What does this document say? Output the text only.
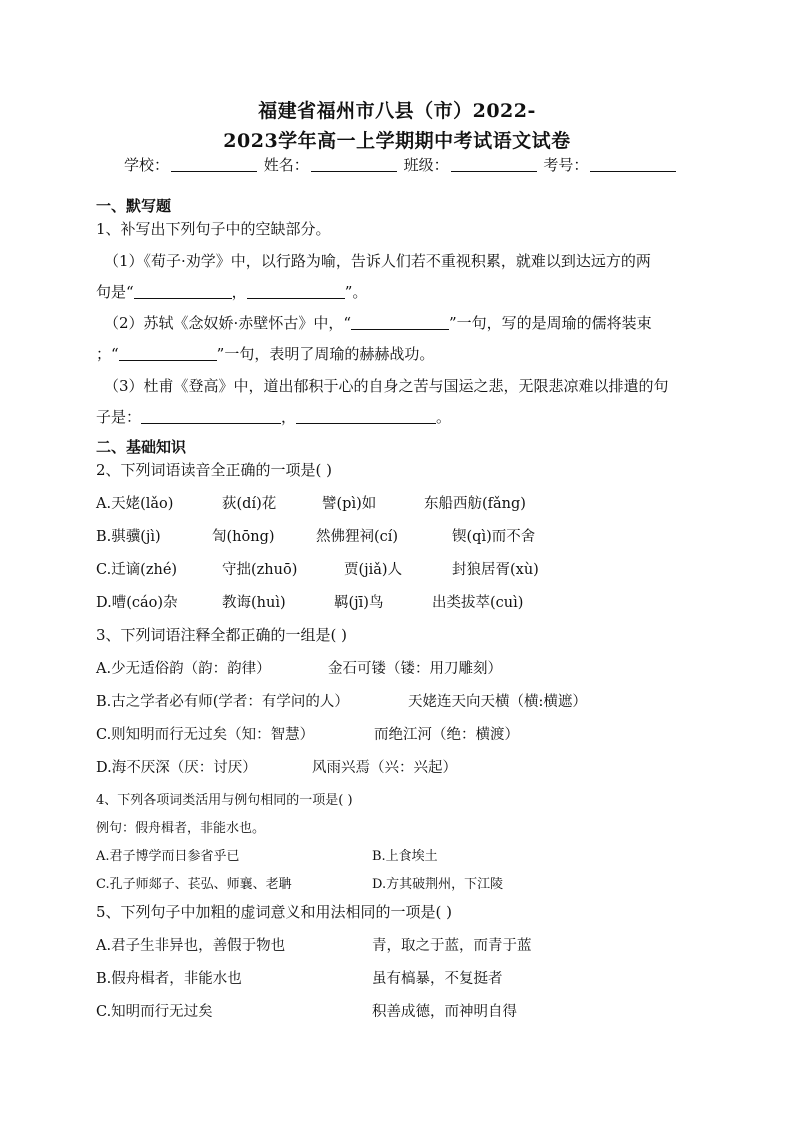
福建省福州市八县（市）2022-
2023学年高一上学期期中考试语文试卷
学校：	姓名：	班级：	考号：
一、默写题
1、补写出下列句子中的空缺部分。
（1）《荀子·劝学》中，以行路为喻，告诉人们若不重视积累，就难以到达远方的两
句是“	，	”。
（2）苏轼《念奴娇·赤壁怀古》中，“	”一句，写的是周瑜的儒将装束
；“	”一句，表明了周瑜的赫赫战功。
（3）杜甫《登高》中，道出郁积于心的自身之苦与国运之悲，无限悲凉难以排遣的句
子是：	，	。
二、基础知识
2、下列词语读音全正确的一项是( )
A.天姥(lǎo)	荻(dí)花	譬(pì)如	东船西舫(fǎng)
B.骐骥(jì)	訇(hōng)	然佛狸祠(cí)	锲(qì)而不舍
C.迁谪(zhé)	守拙(zhuō)	贾(jiǎ)人	封狼居胥(xù)
D.嘈(cáo)杂	教诲(huì)	羁(jī)鸟	出类拔萃(cuì)
3、下列词语注释全都正确的一组是( )
A.少无适俗韵（韵：韵律）	金石可镂（镂：用刀雕刻）
B.古之学者必有师(学者：有学问的人）	天姥连天向天横（横:横遮）
C.则知明而行无过矣（知：智慧）	而绝江河（绝：横渡）
D.海不厌深（厌：讨厌）	风雨兴焉（兴：兴起）
4、下列各项词类活用与例句相同的一项是( )
例句：假舟楫者，非能水也。
A.君子博学而日参省乎已	B.上食埃土
C.孔子师郯子、苌弘、师襄、老聃	D.方其破荆州，下江陵
5、下列句子中加粗的虚词意义和用法相同的一项是( )
A.君子生非异也，善假于物也	青，取之于蓝，而青于蓝
B.假舟楫者，非能水也	虽有槁暴，不复挺者
C.知明而行无过矣	积善成德，而神明自得
